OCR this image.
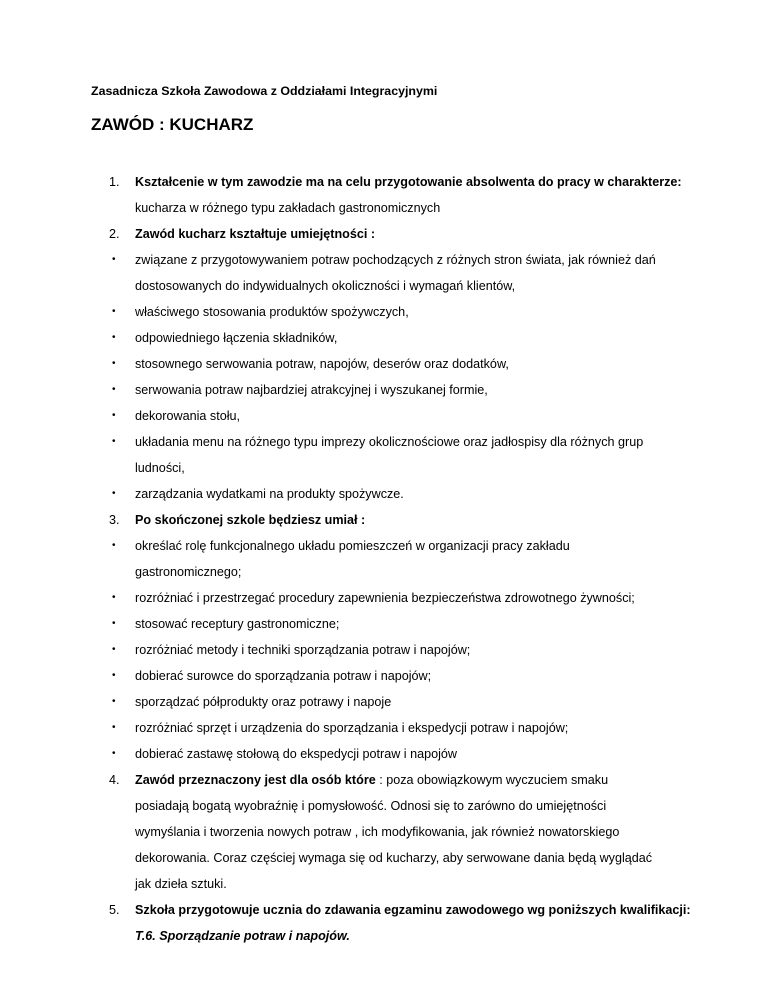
Zasadnicza Szkoła Zawodowa z Oddziałami Integracyjnymi
ZAWÓD : KUCHARZ
1. Kształcenie w tym zawodzie ma na celu przygotowanie absolwenta do pracy w charakterze:
kucharza w różnego typu zakładach gastronomicznych
2. Zawód kucharz kształtuje umiejętności :
• związane z przygotowywaniem potraw pochodzących z różnych stron świata, jak również dań
dostosowanych do indywidualnych okoliczności i wymagań klientów,
• właściwego stosowania produktów spożywczych,
• odpowiedniego łączenia składników,
• stosownego serwowania potraw, napojów, deserów oraz dodatków,
• serwowania potraw najbardziej atrakcyjnej i wyszukanej formie,
• dekorowania stołu,
• układania menu na różnego typu imprezy okolicznościowe oraz jadłospisy dla różnych grup
ludności,
• zarządzania wydatkami na produkty spożywcze.
3. Po skończonej szkole będziesz umiał :
• określać rolę funkcjonalnego układu pomieszczeń w organizacji pracy zakładu
gastronomicznego;
• rozróżniać i przestrzegać procedury zapewnienia bezpieczeństwa zdrowotnego żywności;
• stosować receptury gastronomiczne;
• rozróżniać metody i techniki sporządzania potraw i napojów;
• dobierać surowce do sporządzania potraw i napojów;
• sporządzać półprodukty oraz potrawy i napoje
• rozróżniać sprzęt i urządzenia do sporządzania i ekspedycji potraw i napojów;
• dobierać zastawę stołową do ekspedycji potraw i napojów
4. Zawód przeznaczony jest dla osób które : poza obowiązkowym wyczuciem smaku
posiadają bogatą wyobraźnię i pomysłowość. Odnosi się to zarówno do umiejętności
wymyślania i tworzenia nowych potraw , ich modyfikowania, jak również nowatorskiego
dekorowania. Coraz częściej wymaga się od kucharzy, aby serwowane dania będą wyglądać
jak dzieła sztuki.
5. Szkoła przygotowuje ucznia do zdawania egzaminu zawodowego wg poniższych kwalifikacji:
T.6. Sporządzanie potraw i napojów.
